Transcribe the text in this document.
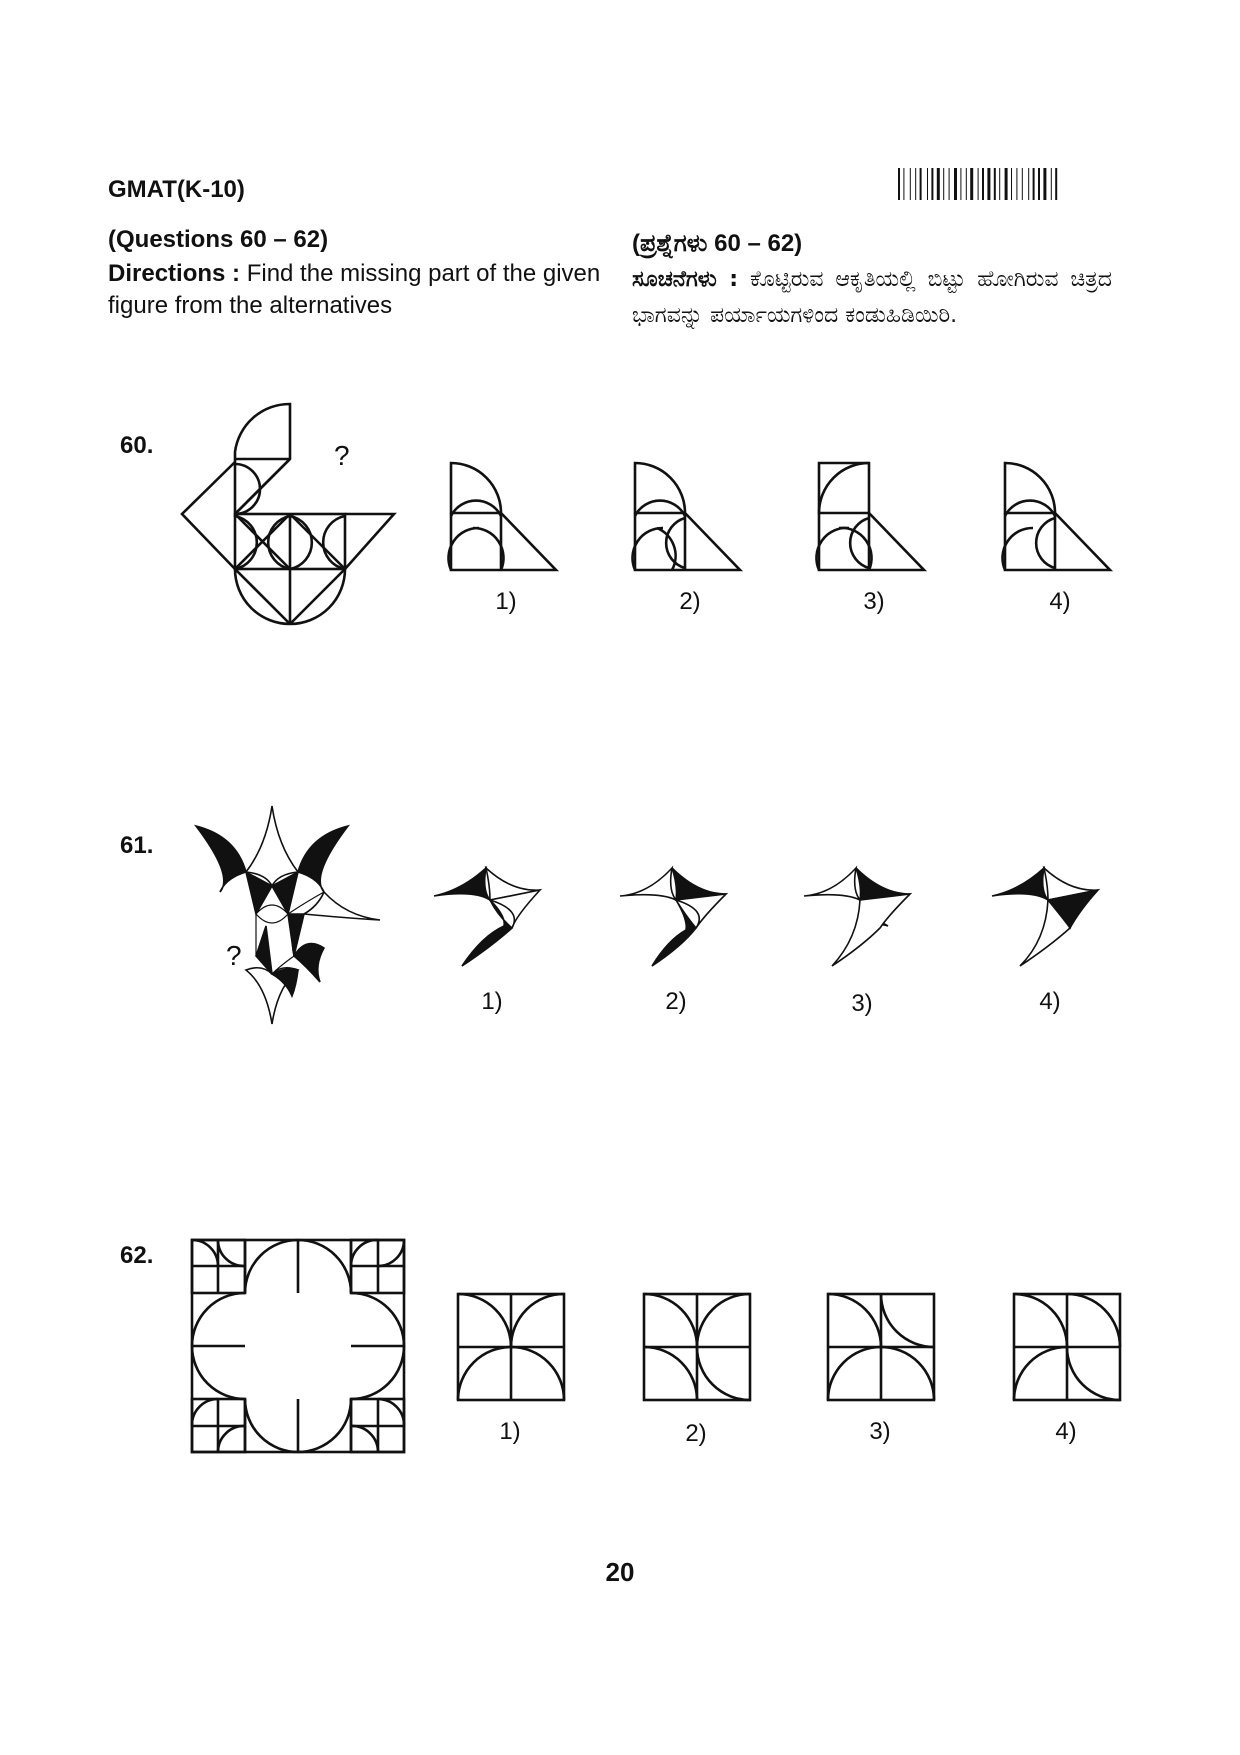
GMAT(K-10)
(Questions 60 – 62)
Directions : Find the missing part of the given figure from the alternatives
(ಪ್ರಶ್ನೆಗಳು 60 – 62)
ಸೂಚನೆಗಳು : ಕೊಟ್ಟಿರುವ ಆಕೃತಿಯಲ್ಲಿ ಬಿಟ್ಟು ಹೋಗಿರುವ ಚಿತ್ರದ ಭಾಗವನ್ನು ಪರ್ಯಾಯಗಳಿಂದ ಕಂಡುಹಿಡಿಯಿರಿ.
60.	?
1)	2)	3)	4)
61.
?
1)	2)	3)	4)
62.
1)	2)	3)	4)
20
